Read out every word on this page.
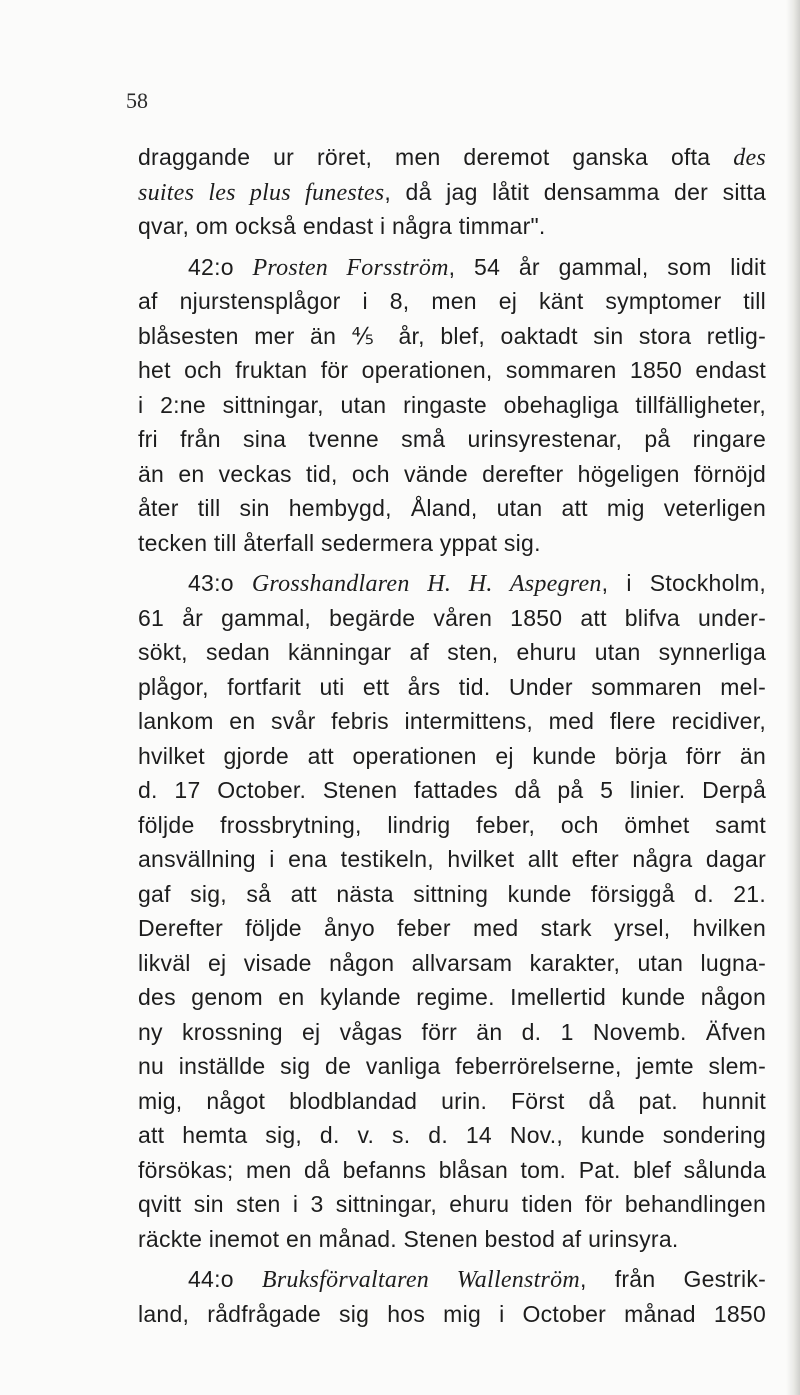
58

draggande ur röret, men deremot ganska ofta des
suites les plus funestes, då jag låtit densamma der sitta
qvar, om också endast i några timmar".
42:o Prosten Forsström, 54 år gammal, som lidit
af njurstensplågor i 8, men ej känt symptomer till
blåsesten mer än ⅘ år, blef, oaktadt sin stora retlig-
het och fruktan för operationen, sommaren 1850 endast
i 2:ne sittningar, utan ringaste obehagliga tillfälligheter,
fri från sina tvenne små urinsyrestenar, på ringare
än en veckas tid, och vände derefter högeligen förnöjd
åter till sin hembygd, Åland, utan att mig veterligen
tecken till återfall sedermera yppat sig.
43:o Grosshandlaren H. H. Aspegren, i Stockholm,
61 år gammal, begärde våren 1850 att blifva under-
sökt, sedan känningar af sten, ehuru utan synnerliga
plågor, fortfarit uti ett års tid. Under sommaren mel-
lankom en svår febris intermittens, med flere recidiver,
hvilket gjorde att operationen ej kunde börja förr än
d. 17 October. Stenen fattades då på 5 linier. Derpå
följde frossbrytning, lindrig feber, och ömhet samt
ansvällning i ena testikeln, hvilket allt efter några dagar
gaf sig, så att nästa sittning kunde försiggå d. 21.
Derefter följde ånyo feber med stark yrsel, hvilken
likväl ej visade någon allvarsam karakter, utan lugna-
des genom en kylande regime. Imellertid kunde någon
ny krossning ej vågas förr än d. 1 Novemb. Äfven
nu inställde sig de vanliga feberrörelserne, jemte slem-
mig, något blodblandad urin. Först då pat. hunnit
att hemta sig, d. v. s. d. 14 Nov., kunde sondering
försökas; men då befanns blåsan tom. Pat. blef sålunda
qvitt sin sten i 3 sittningar, ehuru tiden för behandlingen
räckte inemot en månad. Stenen bestod af urinsyra.
44:o Bruksförvaltaren Wallenström, från Gestrik-
land, rådfrågade sig hos mig i October månad 1850
